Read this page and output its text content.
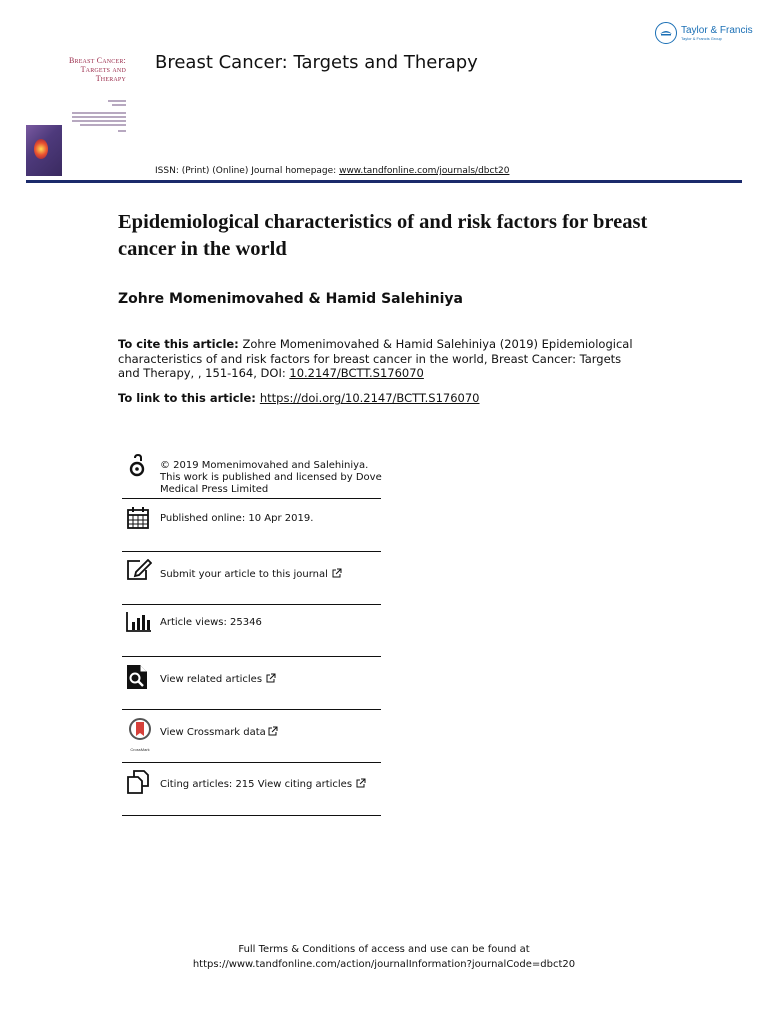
Taylor & Francis
Taylor & Francis Group
Breast Cancer:
Targets and
Therapy
Breast Cancer: Targets and Therapy
ISSN: (Print) (Online) Journal homepage: www.tandfonline.com/journals/dbct20
Epidemiological characteristics of and risk factors for breast cancer in the world
Zohre Momenimovahed & Hamid Salehiniya
To cite this article: Zohre Momenimovahed & Hamid Salehiniya (2019) Epidemiological characteristics of and risk factors for breast cancer in the world, Breast Cancer: Targets and Therapy, , 151-164, DOI: 10.2147/BCTT.S176070
To link to this article: https://doi.org/10.2147/BCTT.S176070
© 2019 Momenimovahed and Salehiniya. This work is published and licensed by Dove Medical Press Limited
Published online: 10 Apr 2019.
Submit your article to this journal
Article views: 25346
View related articles
CrossMark
View Crossmark data
Citing articles: 215 View citing articles
Full Terms & Conditions of access and use can be found at
https://www.tandfonline.com/action/journalInformation?journalCode=dbct20
